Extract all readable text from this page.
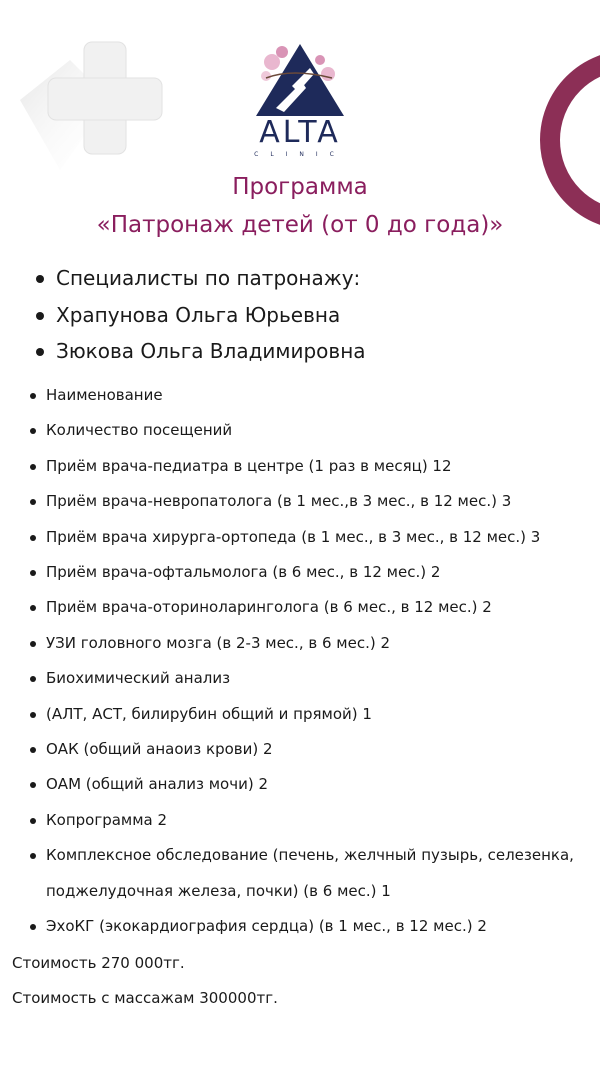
ALTA
CLINIC
Программа
«Патронаж детей (от 0 до года)»
Специалисты по патронажу:
Храпунова Ольга Юрьевна
Зюкова Ольга Владимировна
Наименование
Количество посещений
Приём врача-педиатра в центре (1 раз в месяц) 12
Приём врача-невропатолога (в 1 мес.,в 3 мес., в 12 мес.) 3
Приём врача хирурга-ортопеда (в 1 мес., в 3 мес., в 12 мес.) 3
Приём врача-офтальмолога (в 6 мес., в 12 мес.) 2
Приём врача-оториноларинголога (в 6 мес., в 12 мес.) 2
УЗИ головного мозга (в 2-3 мес., в 6 мес.) 2
Биохимический анализ
(АЛТ, АСТ, билирубин общий и прямой) 1
ОАК (общий анаоиз крови) 2
ОАМ (общий анализ мочи) 2
Копрограмма 2
Комплексное обследование (печень, желчный пузырь, селезенка, поджелудочная железа, почки) (в 6 мес.) 1
ЭхоКГ (экокардиография сердца) (в 1 мес., в 12 мес.) 2
Стоимость 270 000тг.
Стоимость с массажам 300000тг.
